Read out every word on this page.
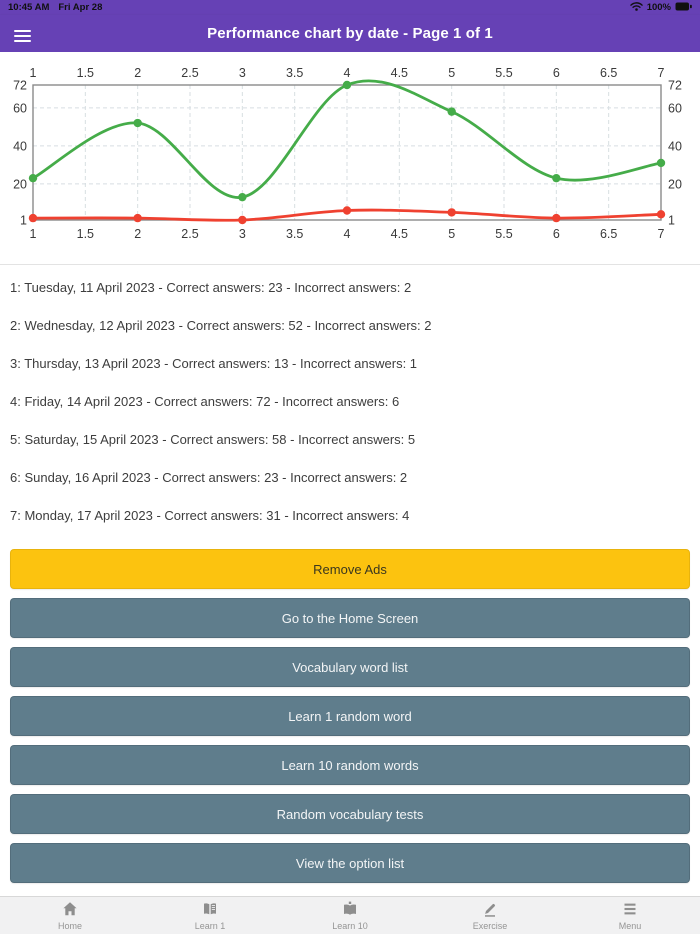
10:45 AM Fri Apr 28	100%
Performance chart by date - Page 1 of 1
1
1
1.5
1.5
2
2
2.5
2.5
3
3
3.5
3.5
4
4
4.5
4.5
5
5
5.5
5.5
6
6
6.5
6.5
7
7
1	1
20	20
40	40
60	60
72	72
1: Tuesday, 11 April 2023 - Correct answers: 23 - Incorrect answers: 2
2: Wednesday, 12 April 2023 - Correct answers: 52 - Incorrect answers: 2
3: Thursday, 13 April 2023 - Correct answers: 13 - Incorrect answers: 1
4: Friday, 14 April 2023 - Correct answers: 72 - Incorrect answers: 6
5: Saturday, 15 April 2023 - Correct answers: 58 - Incorrect answers: 5
6: Sunday, 16 April 2023 - Correct answers: 23 - Incorrect answers: 2
7: Monday, 17 April 2023 - Correct answers: 31 - Incorrect answers: 4
Remove Ads
Go to the Home Screen
Vocabulary word list
Learn 1 random word
Learn 10 random words
Random vocabulary tests
View the option list
Home	Learn 1	Learn 10	Exercise	Menu
